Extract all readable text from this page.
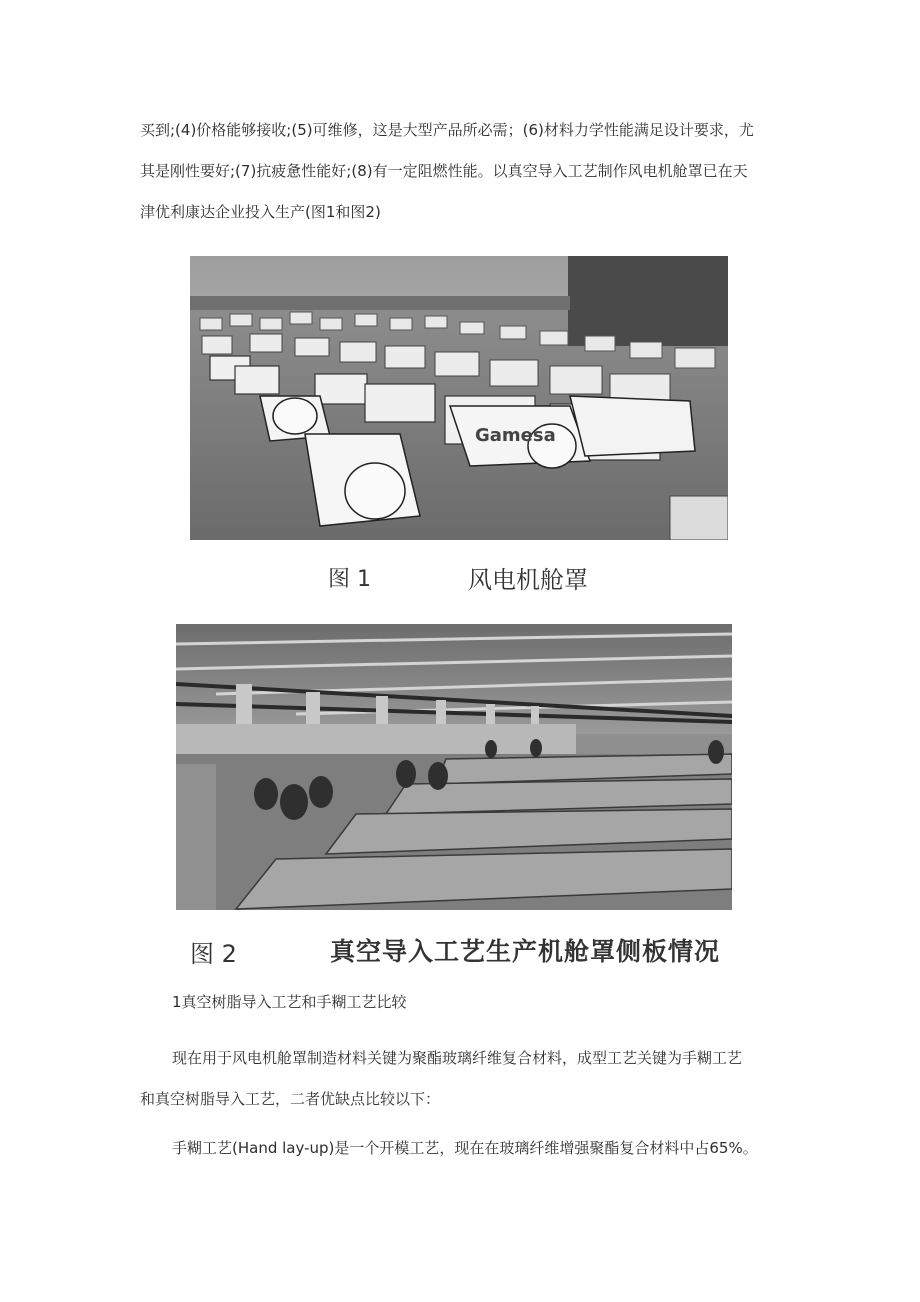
买到;(4)价格能够接收;(5)可维修，这是大型产品所必需；(6)材料力学性能满足设计要求，尤

其是刚性要好;(7)抗疲惫性能好;(8)有一定阻燃性能。以真空导入工艺制作风电机舱罩已在天

津优利康达企业投入生产(图1和图2)

Gamesa
图 1	风电机舱罩
图 2	真空导入工艺生产机舱罩侧板情况

1真空树脂导入工艺和手糊工艺比较

现在用于风电机舱罩制造材料关键为聚酯玻璃纤维复合材料，成型工艺关键为手糊工艺

和真空树脂导入工艺，二者优缺点比较以下：

手糊工艺(Hand lay-up)是一个开模工艺，现在在玻璃纤维增强聚酯复合材料中占65%。
